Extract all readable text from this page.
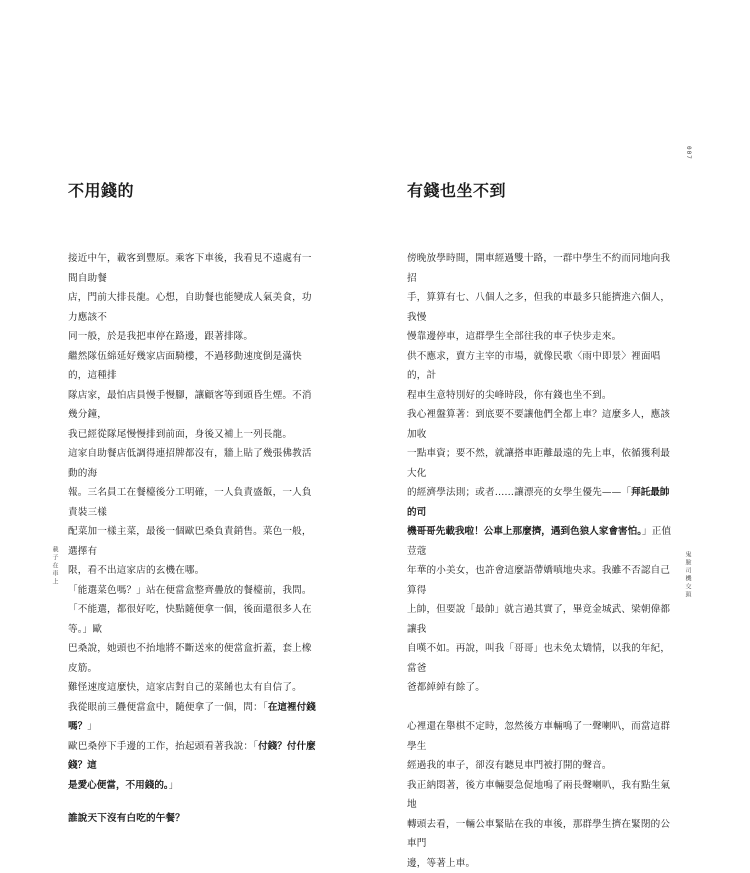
不用錢的

接近中午，載客到豐原。乘客下車後，我看見不遠處有一間自助餐
店，門前大排長龍。心想，自助餐也能變成人氣美食，功力應該不
同一般，於是我把車停在路邊，跟著排隊。

繼然隊伍綿延好幾家店面騎樓，不過移動速度倒是滿快的，這種排
隊店家，最怕店員慢手慢腳，讓顧客等到頭昏生煙。不消幾分鐘，
我已經從隊尾慢慢排到前面，身後又補上一列長龍。

這家自助餐店低調得連招牌都沒有，牆上貼了幾張佛教活動的海
報。三名員工在餐檯後分工明確，一人負責盛飯，一人負責裝三樣
配菜加一樣主菜，最後一個歐巴桑負責銷售。菜色一般，選擇有
限，看不出這家店的玄機在哪。

「能選菜色嗎？」站在便當盒整齊疊放的餐檯前，我問。

「不能選，都很好吃，快點隨便拿一個，後面還很多人在等。」歐
巴桑說，她頭也不抬地將不斷送來的便當盒折蓋，套上橡皮筋。
難怪速度這麼快，這家店對自己的菜餚也太有自信了。

我從眼前三疊便當盒中，隨便拿了一個，問：「在這裡付錢嗎？」
歐巴桑停下手邊的工作，抬起頭看著我說：「付錢？付什麼錢？這
是愛心便當，不用錢的。」

誰說天下沒有白吃的午餐？

載子在車上
有錢也坐不到

傍晚放學時間，開車經過雙十路，一群中學生不約而同地向我招
手，算算有七、八個人之多，但我的車最多只能擠進六個人，我慢
慢靠邊停車，這群學生全部往我的車子快步走來。

供不應求，賣方主宰的市場，就像民歌〈雨中即景〉裡面唱的，計
程車生意特別好的尖峰時段，你有錢也坐不到。

我心裡盤算著：到底要不要讓他們全都上車？這麼多人，應該加收
一點車資；要不然，就讓搭車距離最遠的先上車，依循獲利最大化
的經濟學法則；或者……讓漂亮的女學生優先——「拜託最帥的司
機哥哥先載我啦！公車上那麼擠，遇到色狼人家會害怕。」正值荳蔻
年華的小美女，也許會這麼語帶嬌嗔地央求。我雖不否認自己算得
上帥，但要說「最帥」就言過其實了，畢竟金城武、梁朝偉都讓我
自嘆不如。再說，叫我「哥哥」也未免太矯情，以我的年紀，當爸
爸都綽綽有餘了。

心裡還在舉棋不定時，忽然後方車輛鳴了一聲喇叭，而當這群學生
經過我的車子，卻沒有聽見車門被打開的聲音。

我正納悶著，後方車輛耍急促地鳴了兩長聲喇叭，我有點生氣地
轉頭去看，一輛公車緊貼在我的車後，那群學生擠在緊閉的公車門
邊，等著上車。

007
鬼臉司機交頭
